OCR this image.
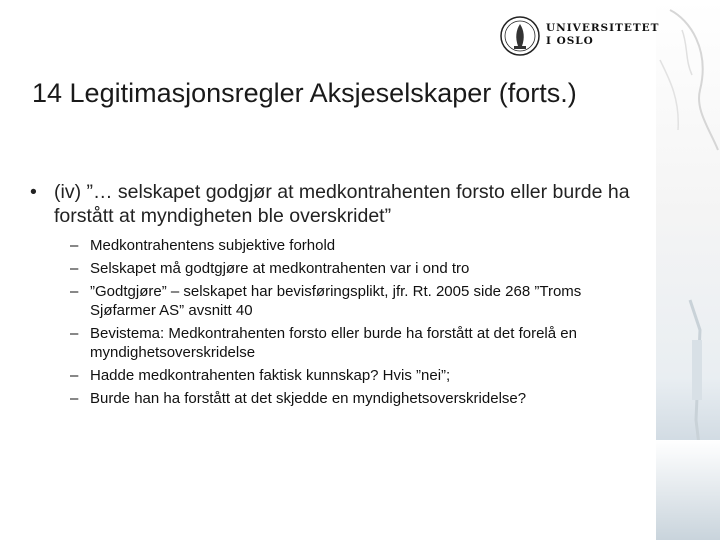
UNIVERSITETET
I OSLO
14 Legitimasjonsregler Aksjeselskaper (forts.)
• (iv) ”… selskapet godgjør at medkontrahenten forsto eller burde ha forstått at myndigheten ble overskridet”
– Medkontrahentens subjektive forhold
– Selskapet må godtgjøre at medkontrahenten var i ond tro
– ”Godtgjøre” – selskapet har bevisføringsplikt, jfr. Rt. 2005 side 268 ”Troms Sjøfarmer AS” avsnitt 40
– Bevistema: Medkontrahenten forsto eller burde ha forstått at det forelå en myndighetsoverskridelse
– Hadde medkontrahenten faktisk kunnskap? Hvis ”nei”;
– Burde han ha forstått at det skjedde en myndighetsoverskridelse?
